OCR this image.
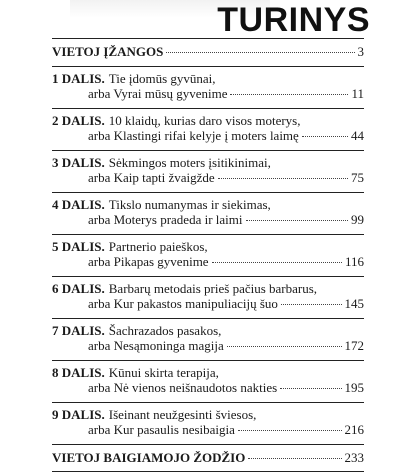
TURINYS
VIETOJ ĮŽANGOS	3
1 DALIS. Tie įdomūs gyvūnai,
arba Vyrai mūsų gyvenime	11
2 DALIS. 10 klaidų, kurias daro visos moterys,
arba Klastingi rifai kelyje į moters laimę	44
3 DALIS. Sėkmingos moters įsitikinimai,
arba Kaip tapti žvaigžde	75
4 DALIS. Tikslo numanymas ir siekimas,
arba Moterys pradeda ir laimi	99
5 DALIS. Partnerio paieškos,
arba Pikapas gyvenime	116
6 DALIS. Barbarų metodais prieš pačius barbarus,
arba Kur pakastos manipuliacijų šuo	145
7 DALIS. Šachrazados pasakos,
arba Nesąmoninga magija	172
8 DALIS. Kūnui skirta terapija,
arba Nė vienos neišnaudotos nakties	195
9 DALIS. Išeinant neužgesinti šviesos,
arba Kur pasaulis nesibaigia	216
VIETOJ BAIGIAMOJO ŽODŽIO	233
